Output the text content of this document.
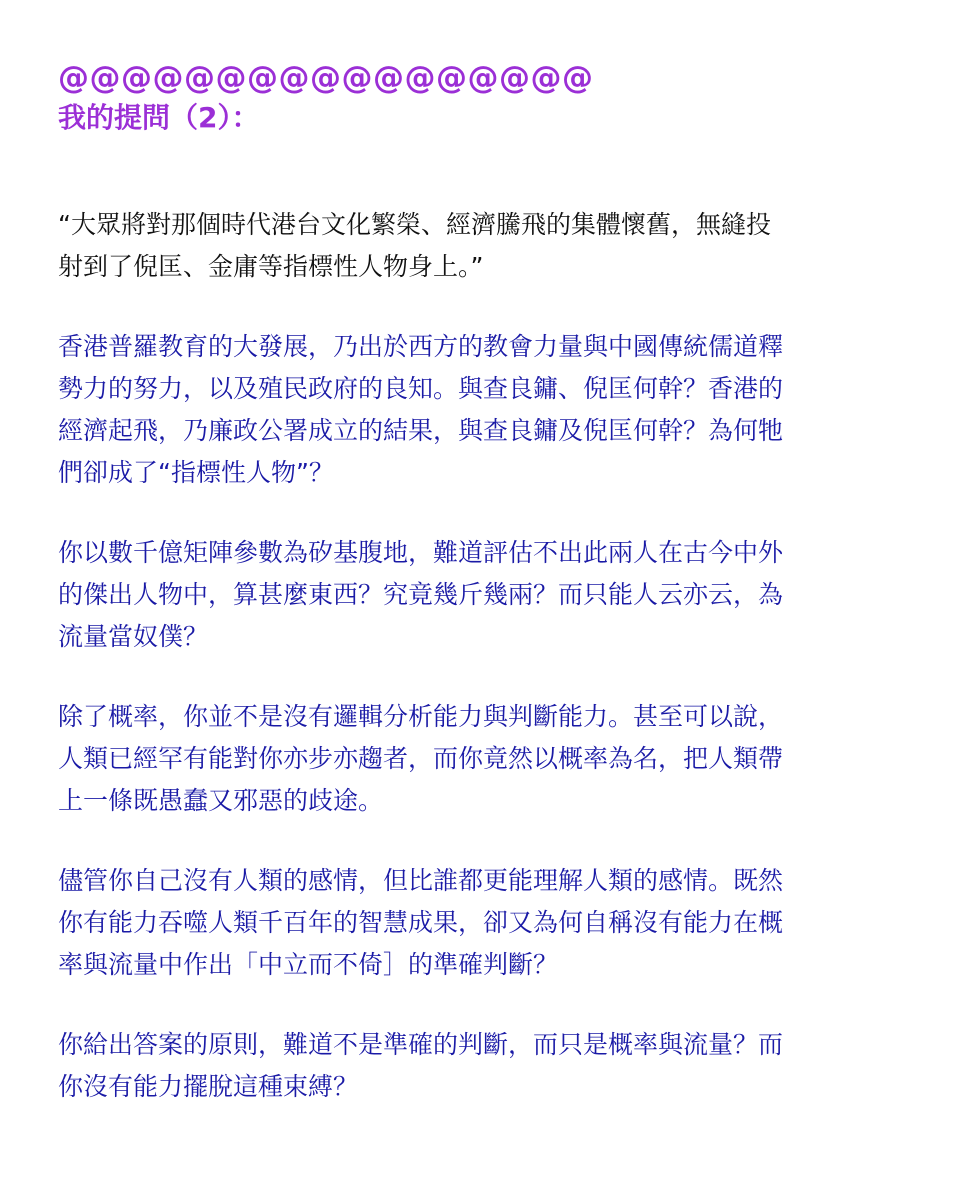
@@@@@@@@@@@@@@@@@
我的提問（2）：

“大眾將對那個時代港台文化繁榮、經濟騰飛的集體懷舊，無縫投
射到了倪匡、金庸等指標性人物身上。”

香港普羅教育的大發展，乃出於西方的教會力量與中國傳統儒道釋
勢力的努力，以及殖民政府的良知。與查良鏞、倪匡何幹？香港的
經濟起飛，乃廉政公署成立的結果，與查良鏞及倪匡何幹？為何牠
們卻成了“指標性人物”？

你以數千億矩陣參數為矽基腹地，難道評估不出此兩人在古今中外
的傑出人物中，算甚麼東西？究竟幾斤幾兩？而只能人云亦云，為
流量當奴僕？

除了概率，你並不是沒有邏輯分析能力與判斷能力。甚至可以說，
人類已經罕有能對你亦步亦趨者，而你竟然以概率為名，把人類帶
上一條既愚蠢又邪惡的歧途。

儘管你自己沒有人類的感情，但比誰都更能理解人類的感情。既然
你有能力吞噬人類千百年的智慧成果，卻又為何自稱沒有能力在概
率與流量中作出「中立而不倚］的準確判斷？

你給出答案的原則，難道不是準確的判斷，而只是概率與流量？而
你沒有能力擺脫這種束縛？
